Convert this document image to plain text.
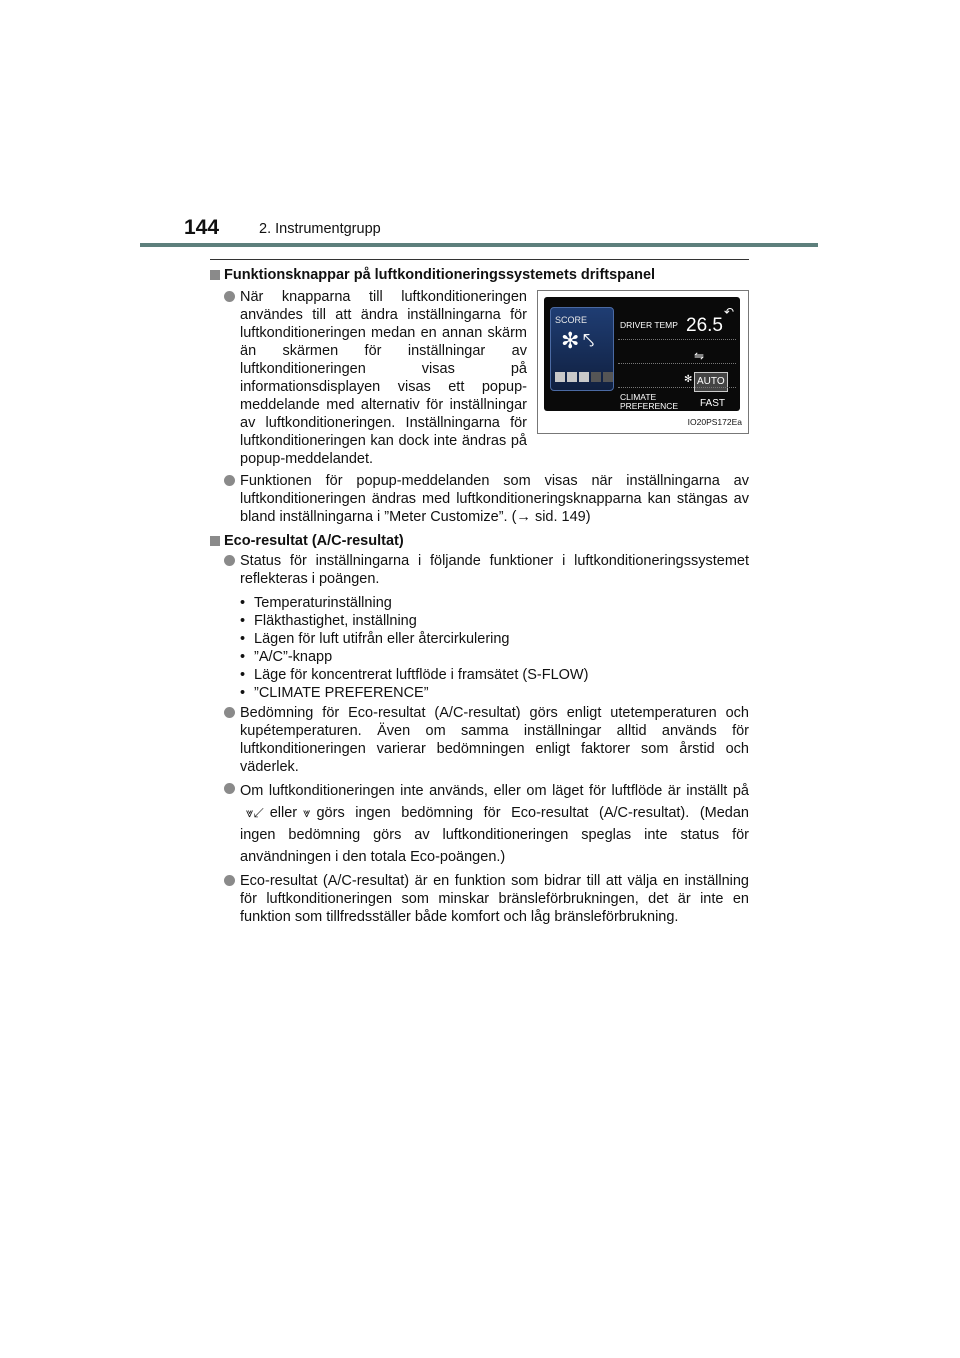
144	2. Instrumentgrupp
Funktionsknappar på luftkonditioneringssystemets driftspanel
När knapparna till luftkonditioneringen användes till att ändra inställningarna för luftkonditioneringen medan en annan skärm än skärmen för inställningar av luftkonditioneringen visas på informationsdisplayen visas ett popup-meddelande med alternativ för inställningar av luftkonditioneringen. Inställningarna för luftkonditioneringen kan dock inte ändras på popup-meddelandet.
SCORE
✻ ⤣
DRIVER TEMP 26.5
↶
⇋
✻ AUTO
CLIMATE
PREFERENCE FAST
IO20PS172Ea
Funktionen för popup-meddelanden som visas när inställningarna av luftkonditioneringen ändras med luftkonditioneringsknapparna kan stängas av bland inställningarna i ”Meter Customize”. (→ sid. 149)
Eco-resultat (A/C-resultat)
Status för inställningarna i följande funktioner i luftkonditioneringssystemet reflekteras i poängen.
• Temperaturinställning
• Fläkthastighet, inställning
• Lägen för luft utifrån eller återcirkulering
• ”A/C”-knapp
• Läge för koncentrerat luftflöde i framsätet (S-FLOW)
• ”CLIMATE PREFERENCE”
Bedömning för Eco-resultat (A/C-resultat) görs enligt utetemperaturen och kupétemperaturen. Även om samma inställningar alltid används för luftkonditioneringen varierar bedömningen enligt faktorer som årstid och väderlek.
Om luftkonditioneringen inte används, eller om läget för luftflöde är inställt på⩔↙ eller ⩔ görs ingen bedömning för Eco-resultat (A/C-resultat). (Medan ingen bedömning görs av luftkonditioneringen speglas inte status för användningen i den totala Eco-poängen.)
Eco-resultat (A/C-resultat) är en funktion som bidrar till att välja en inställning för luftkonditioneringen som minskar bränsleförbrukningen, det är inte en funktion som tillfredsställer både komfort och låg bränsleförbrukning.
